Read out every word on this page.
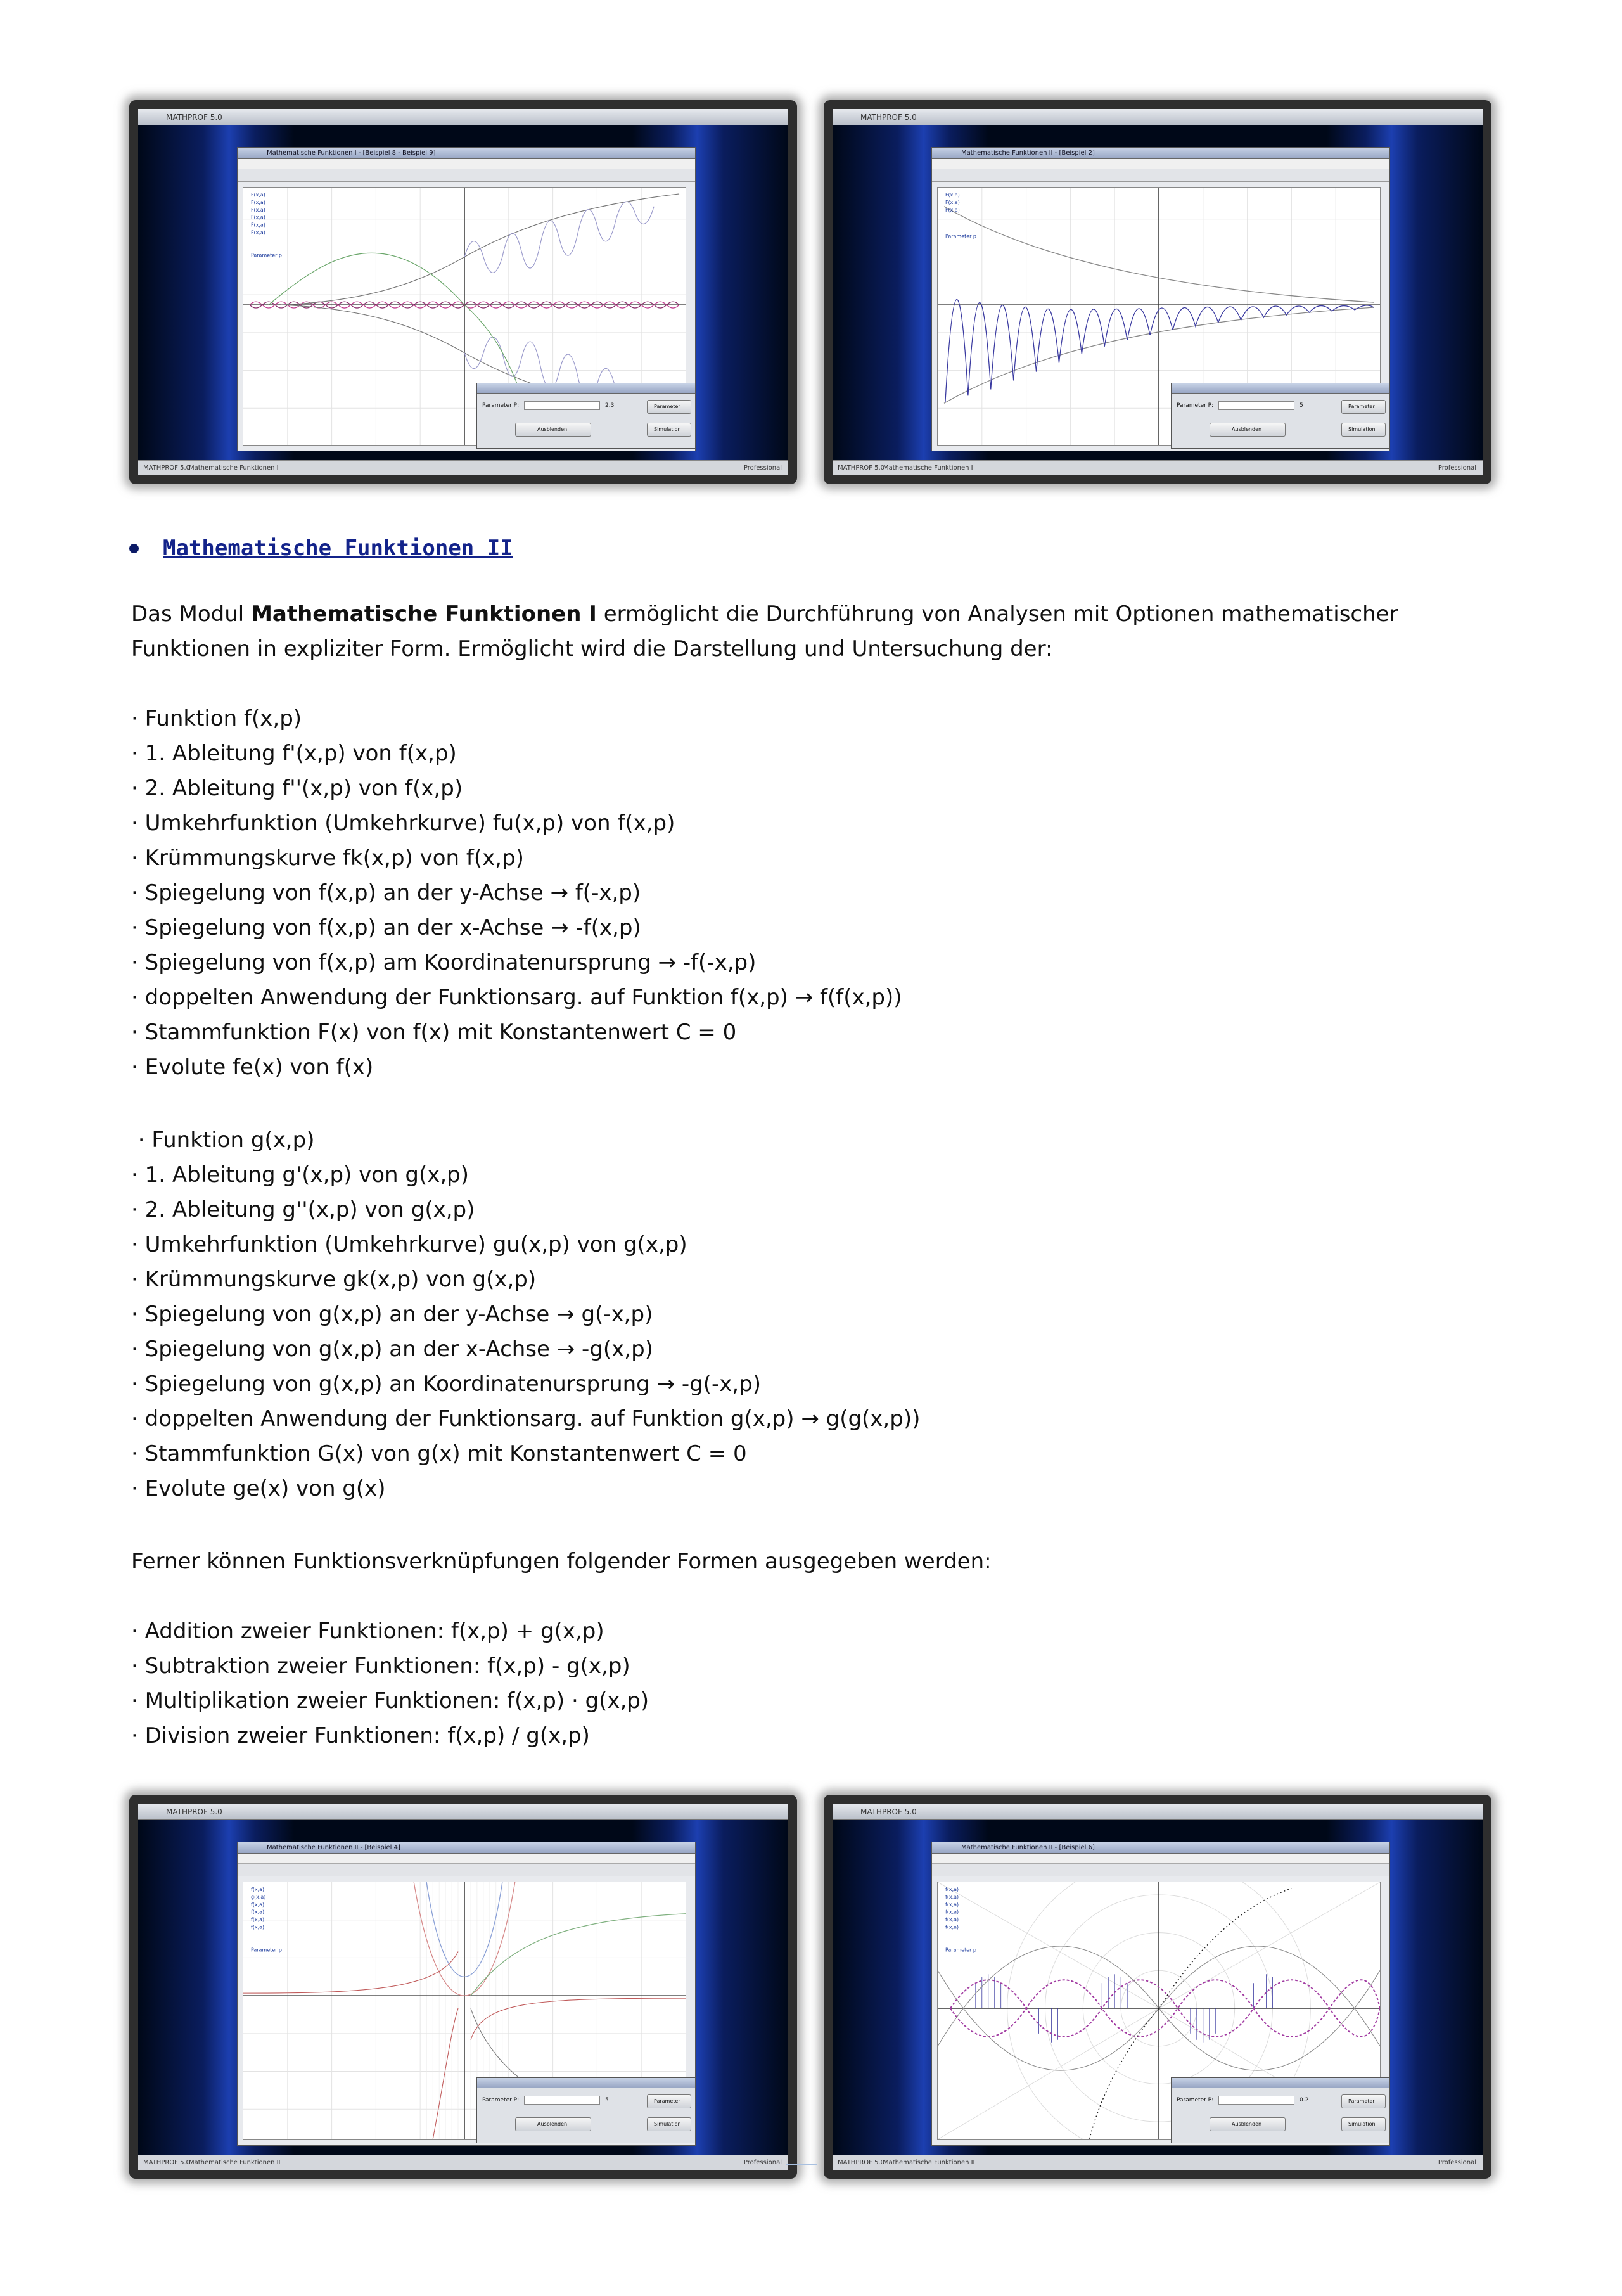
MATHPROF 5.0
Mathematische Funktionen I - [Beispiel 8 - Beispiel 9]
F(x,a)
F(x,a)
F(x,a)
F(x,a)
F(x,a)
F(x,a)
Parameter p
Parameter P:	2.3	Parameter
Ausblenden	Simulation
MATHPROF 5.0
Mathematische Funktionen I	Professional
MATHPROF 5.0
Mathematische Funktionen II - [Beispiel 2]
F(x,a)
F(x,a)
F(x,a)
Parameter p
Parameter P:	5	Parameter
Ausblenden	Simulation
MATHPROF 5.0
Mathematische Funktionen I	Professional
Mathematische Funktionen II
Das Modul Mathematische Funktionen I ermöglicht die Durchführung von Analysen mit Optionen mathematischer
Funktionen in expliziter Form. Ermöglicht wird die Darstellung und Untersuchung der:
· Funktion f(x,p)
· 1. Ableitung f'(x,p) von f(x,p)
· 2. Ableitung f''(x,p) von f(x,p)
· Umkehrfunktion (Umkehrkurve) fu(x,p) von f(x,p)
· Krümmungskurve fk(x,p) von f(x,p)
· Spiegelung von f(x,p) an der y-Achse → f(-x,p)
· Spiegelung von f(x,p) an der x-Achse → -f(x,p)
· Spiegelung von f(x,p) am Koordinatenursprung → -f(-x,p)
· doppelten Anwendung der Funktionsarg. auf Funktion f(x,p) → f(f(x,p))
· Stammfunktion F(x) von f(x) mit Konstantenwert C = 0
· Evolute fe(x) von f(x)
· Funktion g(x,p)
· 1. Ableitung g'(x,p) von g(x,p)
· 2. Ableitung g''(x,p) von g(x,p)
· Umkehrfunktion (Umkehrkurve) gu(x,p) von g(x,p)
· Krümmungskurve gk(x,p) von g(x,p)
· Spiegelung von g(x,p) an der y-Achse → g(-x,p)
· Spiegelung von g(x,p) an der x-Achse → -g(x,p)
· Spiegelung von g(x,p) an Koordinatenursprung → -g(-x,p)
· doppelten Anwendung der Funktionsarg. auf Funktion g(x,p) → g(g(x,p))
· Stammfunktion G(x) von g(x) mit Konstantenwert C = 0
· Evolute ge(x) von g(x)
Ferner können Funktionsverknüpfungen folgender Formen ausgegeben werden:
· Addition zweier Funktionen: f(x,p) + g(x,p)
· Subtraktion zweier Funktionen: f(x,p) - g(x,p)
· Multiplikation zweier Funktionen: f(x,p) · g(x,p)
· Division zweier Funktionen: f(x,p) / g(x,p)
MATHPROF 5.0
Mathematische Funktionen II - [Beispiel 4]
f(x,a)
g(x,a)
f(x,a)
f(x,a)
f(x,a)
f(x,a)
Parameter p
Parameter P:	5	Parameter
Ausblenden	Simulation
MATHPROF 5.0
Mathematische Funktionen II	Professional
MATHPROF 5.0
Mathematische Funktionen II - [Beispiel 6]
f(x,a)
f(x,a)
f(x,a)
f(x,a)
f(x,a)
f(x,a)
Parameter p
Parameter P:	0.2	Parameter
Ausblenden	Simulation
MATHPROF 5.0
Mathematische Funktionen II	Professional
